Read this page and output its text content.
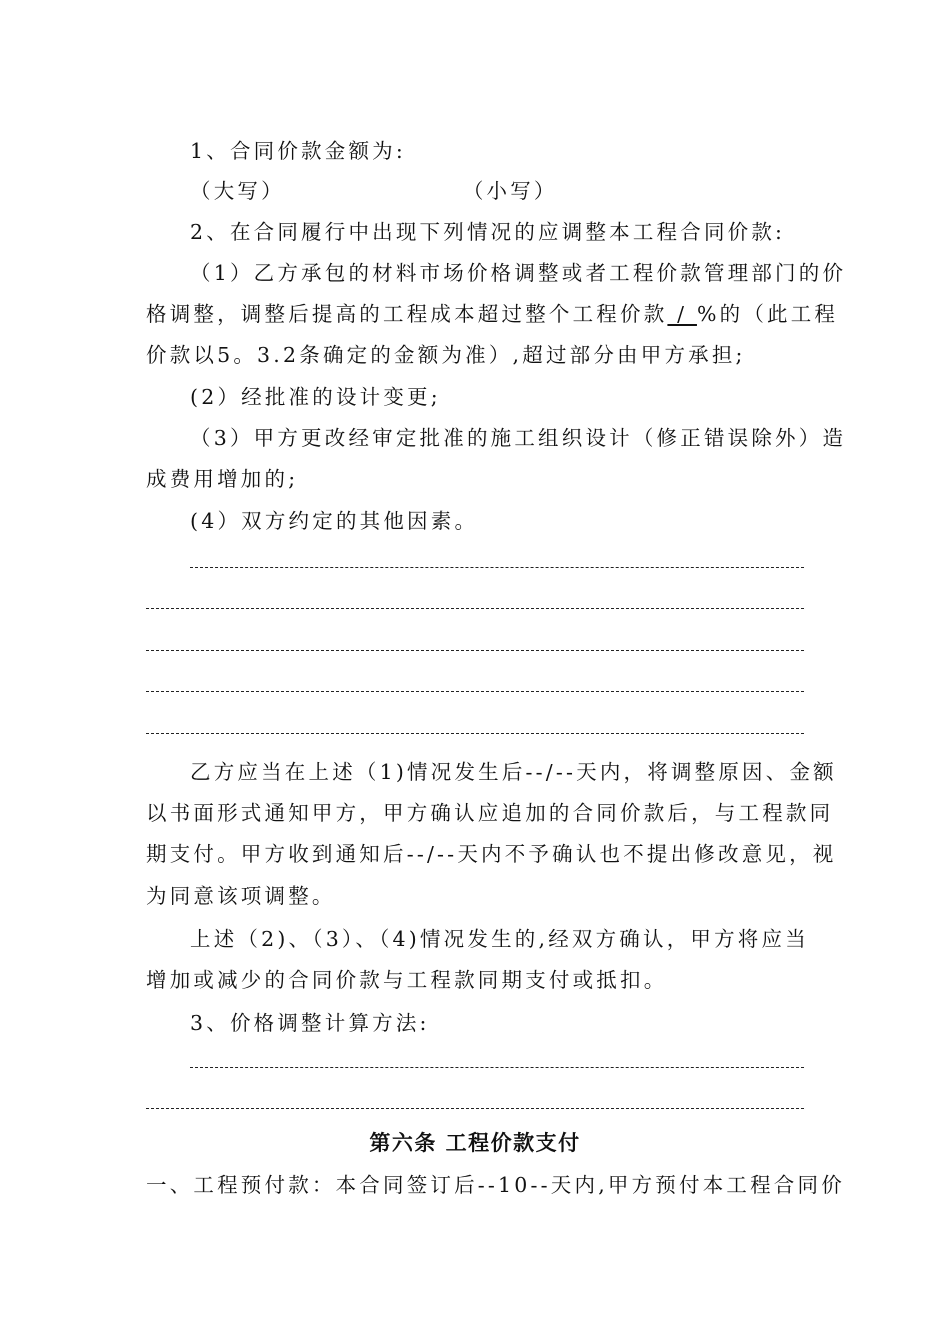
1、合同价款金额为:
（大写）	（小写）
2、在合同履行中出现下列情况的应调整本工程合同价款:
（1）乙方承包的材料市场价格调整或者工程价款管理部门的价
格调整，调整后提高的工程成本超过整个工程价款 / %的（此工程
价款以5。3.2条确定的金额为准）,超过部分由甲方承担;
(2）经批准的设计变更;
（3）甲方更改经审定批准的施工组织设计（修正错误除外）造
成费用增加的;
(4）双方约定的其他因素。
乙方应当在上述（1)情况发生后--/--天内，将调整原因、金额
以书面形式通知甲方，甲方确认应追加的合同价款后，与工程款同
期支付。甲方收到通知后--/--天内不予确认也不提出修改意见，视
为同意该项调整。
上述（2)、（3）、（4)情况发生的,经双方确认，甲方将应当
增加或减少的合同价款与工程款同期支付或抵扣。
3、价格调整计算方法:
第六条 工程价款支付
一、工程预付款：本合同签订后--10--天内,甲方预付本工程合同价
